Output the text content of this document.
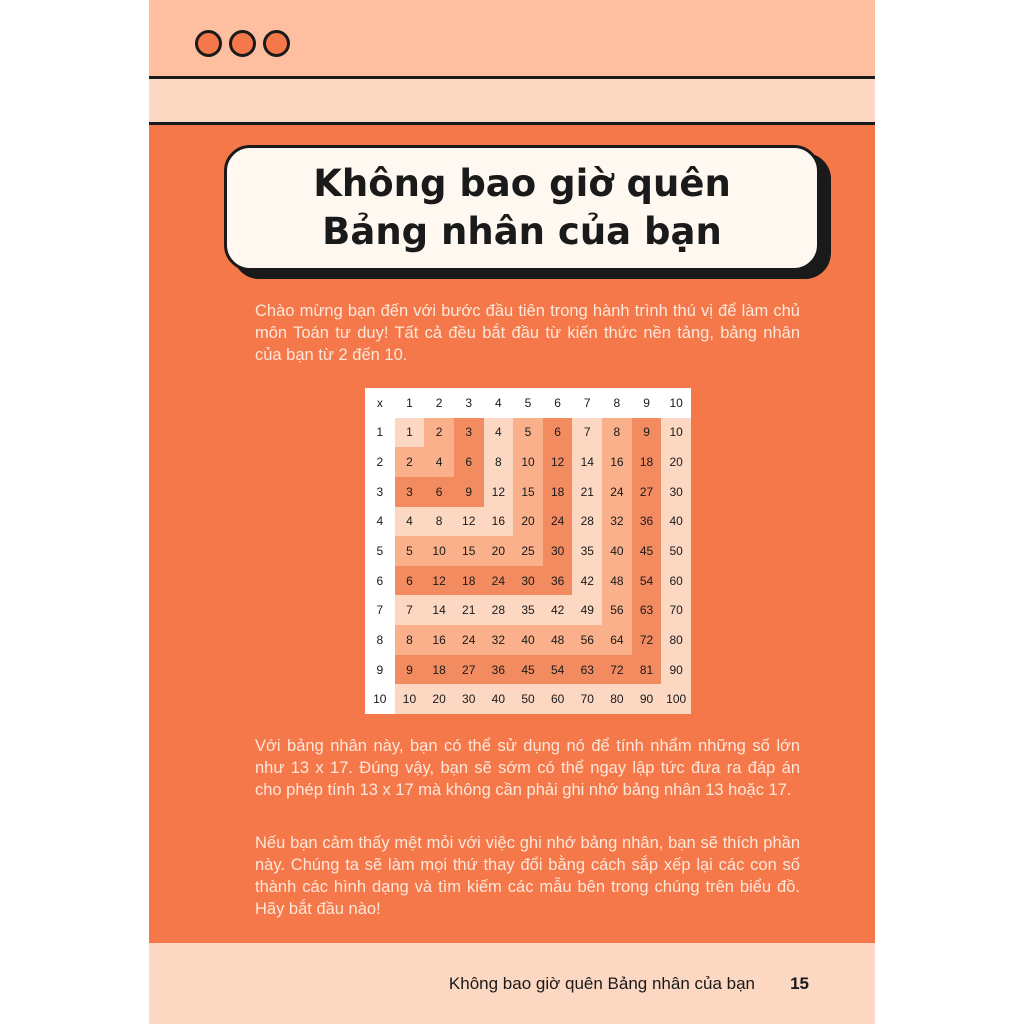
Không bao giờ quên
Bảng nhân của bạn

Chào mừng bạn đến với bước đầu tiên trong hành trình thú vị để làm chủ môn Toán tư duy! Tất cả đều bắt đầu từ kiến thức nền tảng, bảng nhân của bạn từ 2 đến 10.

x	1	2	3	4	5	6	7	8	9	10
1	1	2	3	4	5	6	7	8	9	10
2	2	4	6	8	10	12	14	16	18	20
3	3	6	9	12	15	18	21	24	27	30
4	4	8	12	16	20	24	28	32	36	40
5	5	10	15	20	25	30	35	40	45	50
6	6	12	18	24	30	36	42	48	54	60
7	7	14	21	28	35	42	49	56	63	70
8	8	16	24	32	40	48	56	64	72	80
9	9	18	27	36	45	54	63	72	81	90
10	10	20	30	40	50	60	70	80	90	100

Với bảng nhân này, bạn có thể sử dụng nó để tính nhẩm những số lớn như 13 x 17. Đúng vậy, bạn sẽ sớm có thể ngay lập tức đưa ra đáp án cho phép tính 13 x 17 mà không cần phải ghi nhớ bảng nhân 13 hoặc 17.

Nếu bạn cảm thấy mệt mỏi với việc ghi nhớ bảng nhân, bạn sẽ thích phần này. Chúng ta sẽ làm mọi thứ thay đổi bằng cách sắp xếp lại các con số thành các hình dạng và tìm kiếm các mẫu bên trong chúng trên biểu đồ. Hãy bắt đầu nào!

Không bao giờ quên Bảng nhân của bạn 15
